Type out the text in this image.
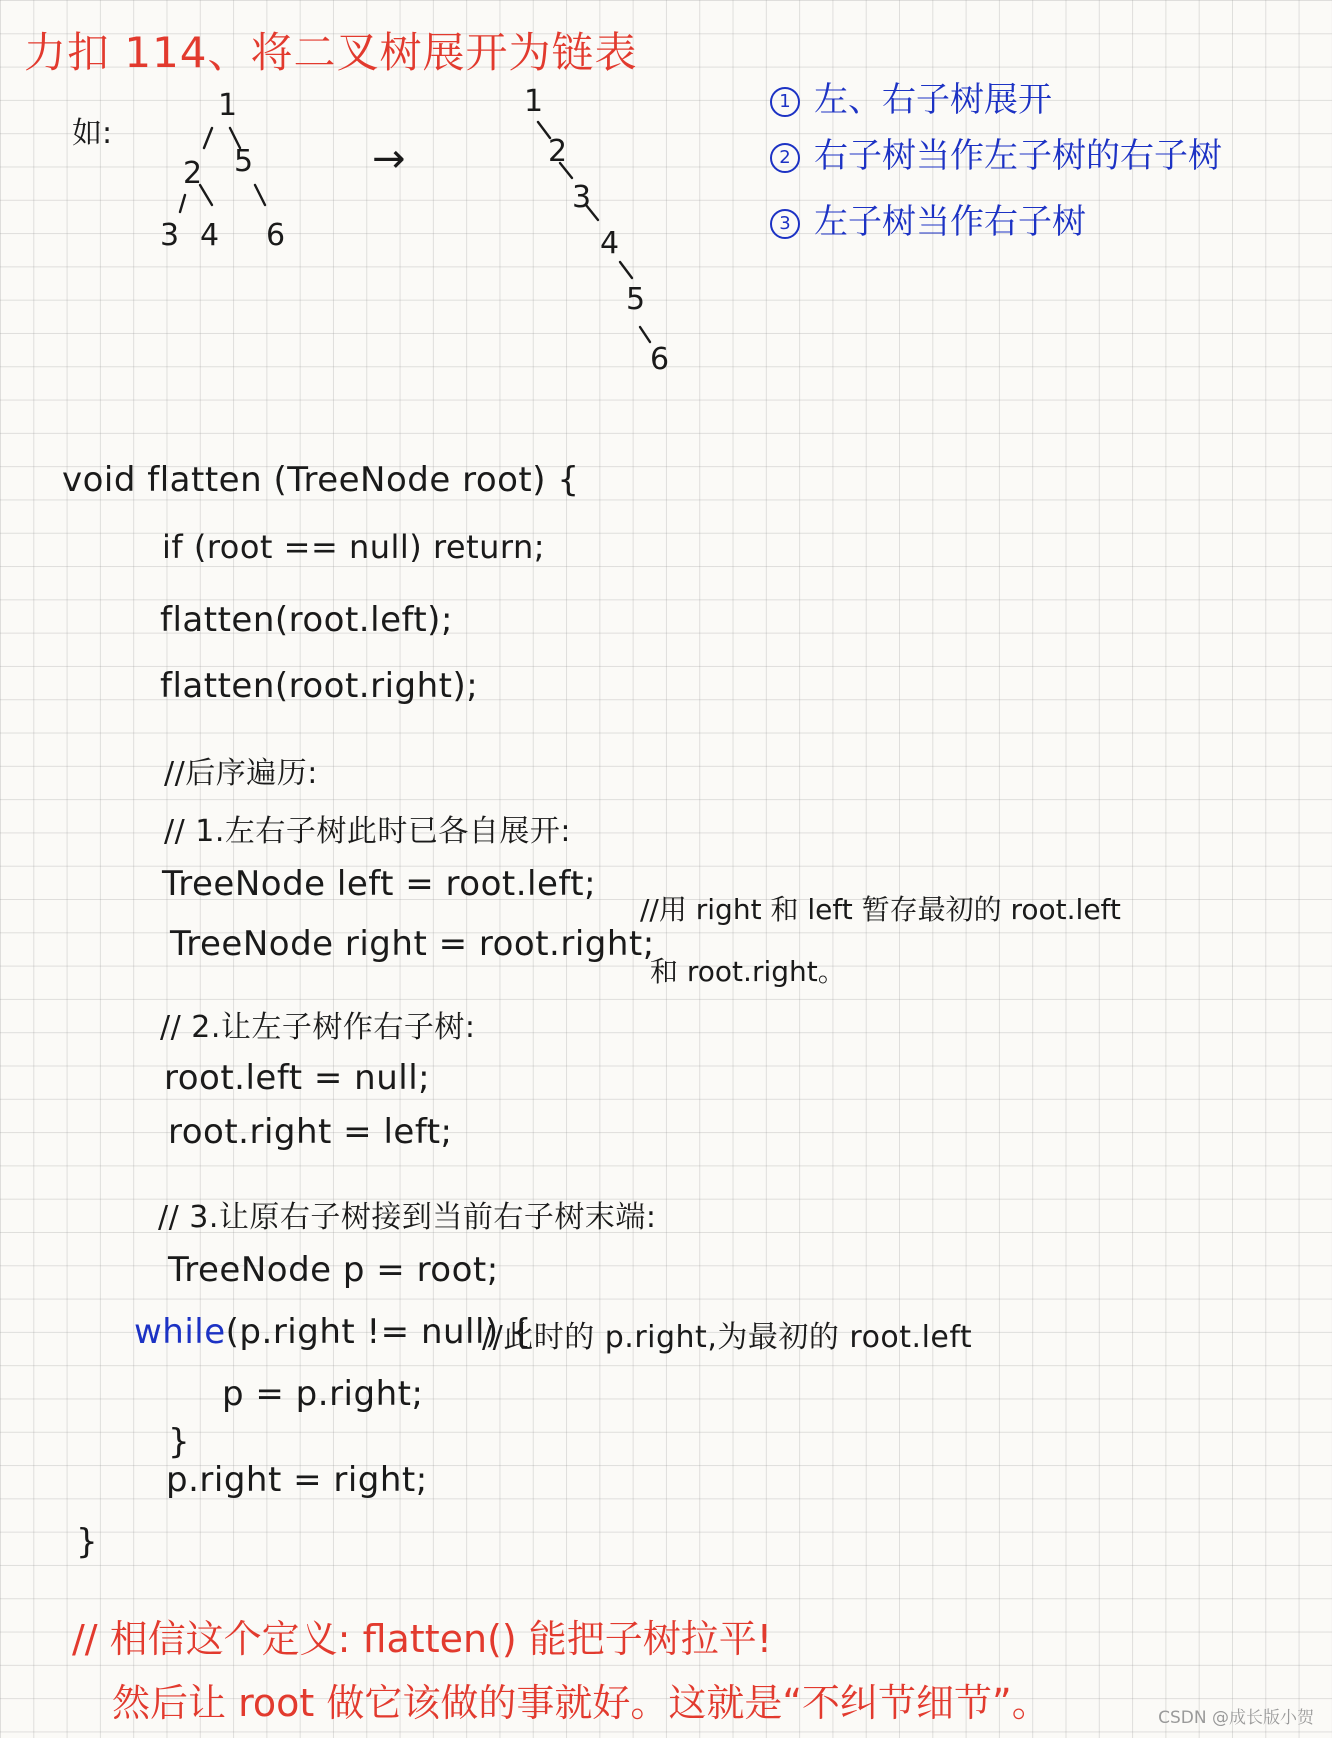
力扣 114、将二叉树展开为链表
如:
1
2 5
3 4 6
→
1
2
3
4
5
6
1 左、右子树展开
2 右子树当作左子树的右子树
3 左子树当作右子树
void flatten (TreeNode root) {
if (root == null) return;
flatten(root.left);
flatten(root.right);
//后序遍历:
// 1.左右子树此时已各自展开:
TreeNode left = root.left;
TreeNode right = root.right;
//用 right 和 left 暂存最初的 root.left
和 root.right。
// 2.让左子树作右子树:
root.left = null;
root.right = left;
// 3.让原右子树接到当前右子树末端:
TreeNode p = root;
while(p.right != null) {
//此时的 p.right,为最初的 root.left
p = p.right;
}
p.right = right;
}
// 相信这个定义: flatten() 能把子树拉平!
然后让 root 做它该做的事就好。这就是“不纠节细节”。	CSDN @成长版小贺
